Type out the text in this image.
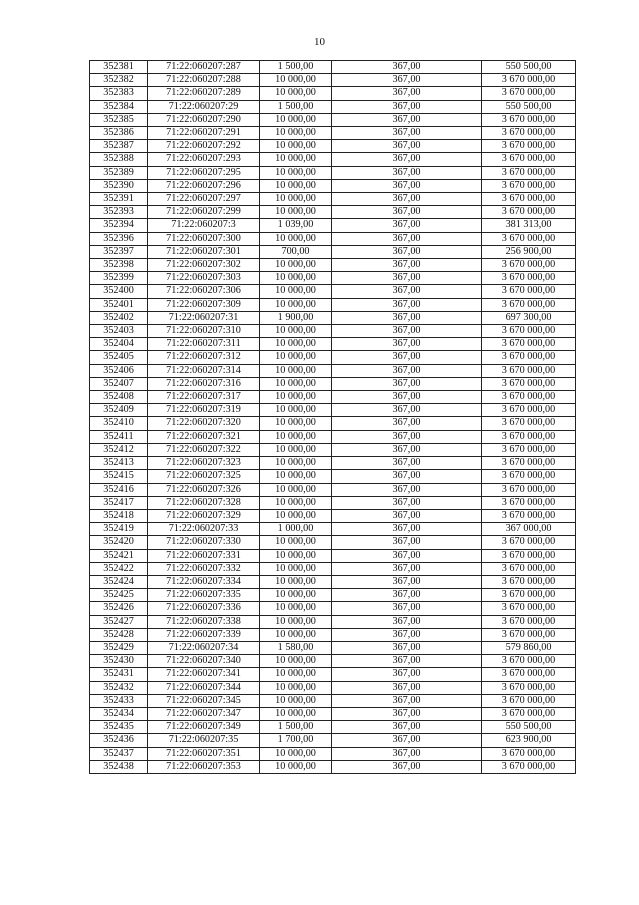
10
352381	71:22:060207:287	1 500,00	367,00	550 500,00
352382	71:22:060207:288	10 000,00	367,00	3 670 000,00
352383	71:22:060207:289	10 000,00	367,00	3 670 000,00
352384	71:22:060207:29	1 500,00	367,00	550 500,00
352385	71:22:060207:290	10 000,00	367,00	3 670 000,00
352386	71:22:060207:291	10 000,00	367,00	3 670 000,00
352387	71:22:060207:292	10 000,00	367,00	3 670 000,00
352388	71:22:060207:293	10 000,00	367,00	3 670 000,00
352389	71:22:060207:295	10 000,00	367,00	3 670 000,00
352390	71:22:060207:296	10 000,00	367,00	3 670 000,00
352391	71:22:060207:297	10 000,00	367,00	3 670 000,00
352393	71:22:060207:299	10 000,00	367,00	3 670 000,00
352394	71:22:060207:3	1 039,00	367,00	381 313,00
352396	71:22:060207:300	10 000,00	367,00	3 670 000,00
352397	71:22:060207:301	700,00	367,00	256 900,00
352398	71:22:060207:302	10 000,00	367,00	3 670 000,00
352399	71:22:060207:303	10 000,00	367,00	3 670 000,00
352400	71:22:060207:306	10 000,00	367,00	3 670 000,00
352401	71:22:060207:309	10 000,00	367,00	3 670 000,00
352402	71:22:060207:31	1 900,00	367,00	697 300,00
352403	71:22:060207:310	10 000,00	367,00	3 670 000,00
352404	71:22:060207:311	10 000,00	367,00	3 670 000,00
352405	71:22:060207:312	10 000,00	367,00	3 670 000,00
352406	71:22:060207:314	10 000,00	367,00	3 670 000,00
352407	71:22:060207:316	10 000,00	367,00	3 670 000,00
352408	71:22:060207:317	10 000,00	367,00	3 670 000,00
352409	71:22:060207:319	10 000,00	367,00	3 670 000,00
352410	71:22:060207:320	10 000,00	367,00	3 670 000,00
352411	71:22:060207:321	10 000,00	367,00	3 670 000,00
352412	71:22:060207:322	10 000,00	367,00	3 670 000,00
352413	71:22:060207:323	10 000,00	367,00	3 670 000,00
352415	71:22:060207:325	10 000,00	367,00	3 670 000,00
352416	71:22:060207:326	10 000,00	367,00	3 670 000,00
352417	71:22:060207:328	10 000,00	367,00	3 670 000,00
352418	71:22:060207:329	10 000,00	367,00	3 670 000,00
352419	71:22:060207:33	1 000,00	367,00	367 000,00
352420	71:22:060207:330	10 000,00	367,00	3 670 000,00
352421	71:22:060207:331	10 000,00	367,00	3 670 000,00
352422	71:22:060207:332	10 000,00	367,00	3 670 000,00
352424	71:22:060207:334	10 000,00	367,00	3 670 000,00
352425	71:22:060207:335	10 000,00	367,00	3 670 000,00
352426	71:22:060207:336	10 000,00	367,00	3 670 000,00
352427	71:22:060207:338	10 000,00	367,00	3 670 000,00
352428	71:22:060207:339	10 000,00	367,00	3 670 000,00
352429	71:22:060207:34	1 580,00	367,00	579 860,00
352430	71:22:060207:340	10 000,00	367,00	3 670 000,00
352431	71:22:060207:341	10 000,00	367,00	3 670 000,00
352432	71:22:060207:344	10 000,00	367,00	3 670 000,00
352433	71:22:060207:345	10 000,00	367,00	3 670 000,00
352434	71:22:060207:347	10 000,00	367,00	3 670 000,00
352435	71:22:060207:349	1 500,00	367,00	550 500,00
352436	71:22:060207:35	1 700,00	367,00	623 900,00
352437	71:22:060207:351	10 000,00	367,00	3 670 000,00
352438	71:22:060207:353	10 000,00	367,00	3 670 000,00
